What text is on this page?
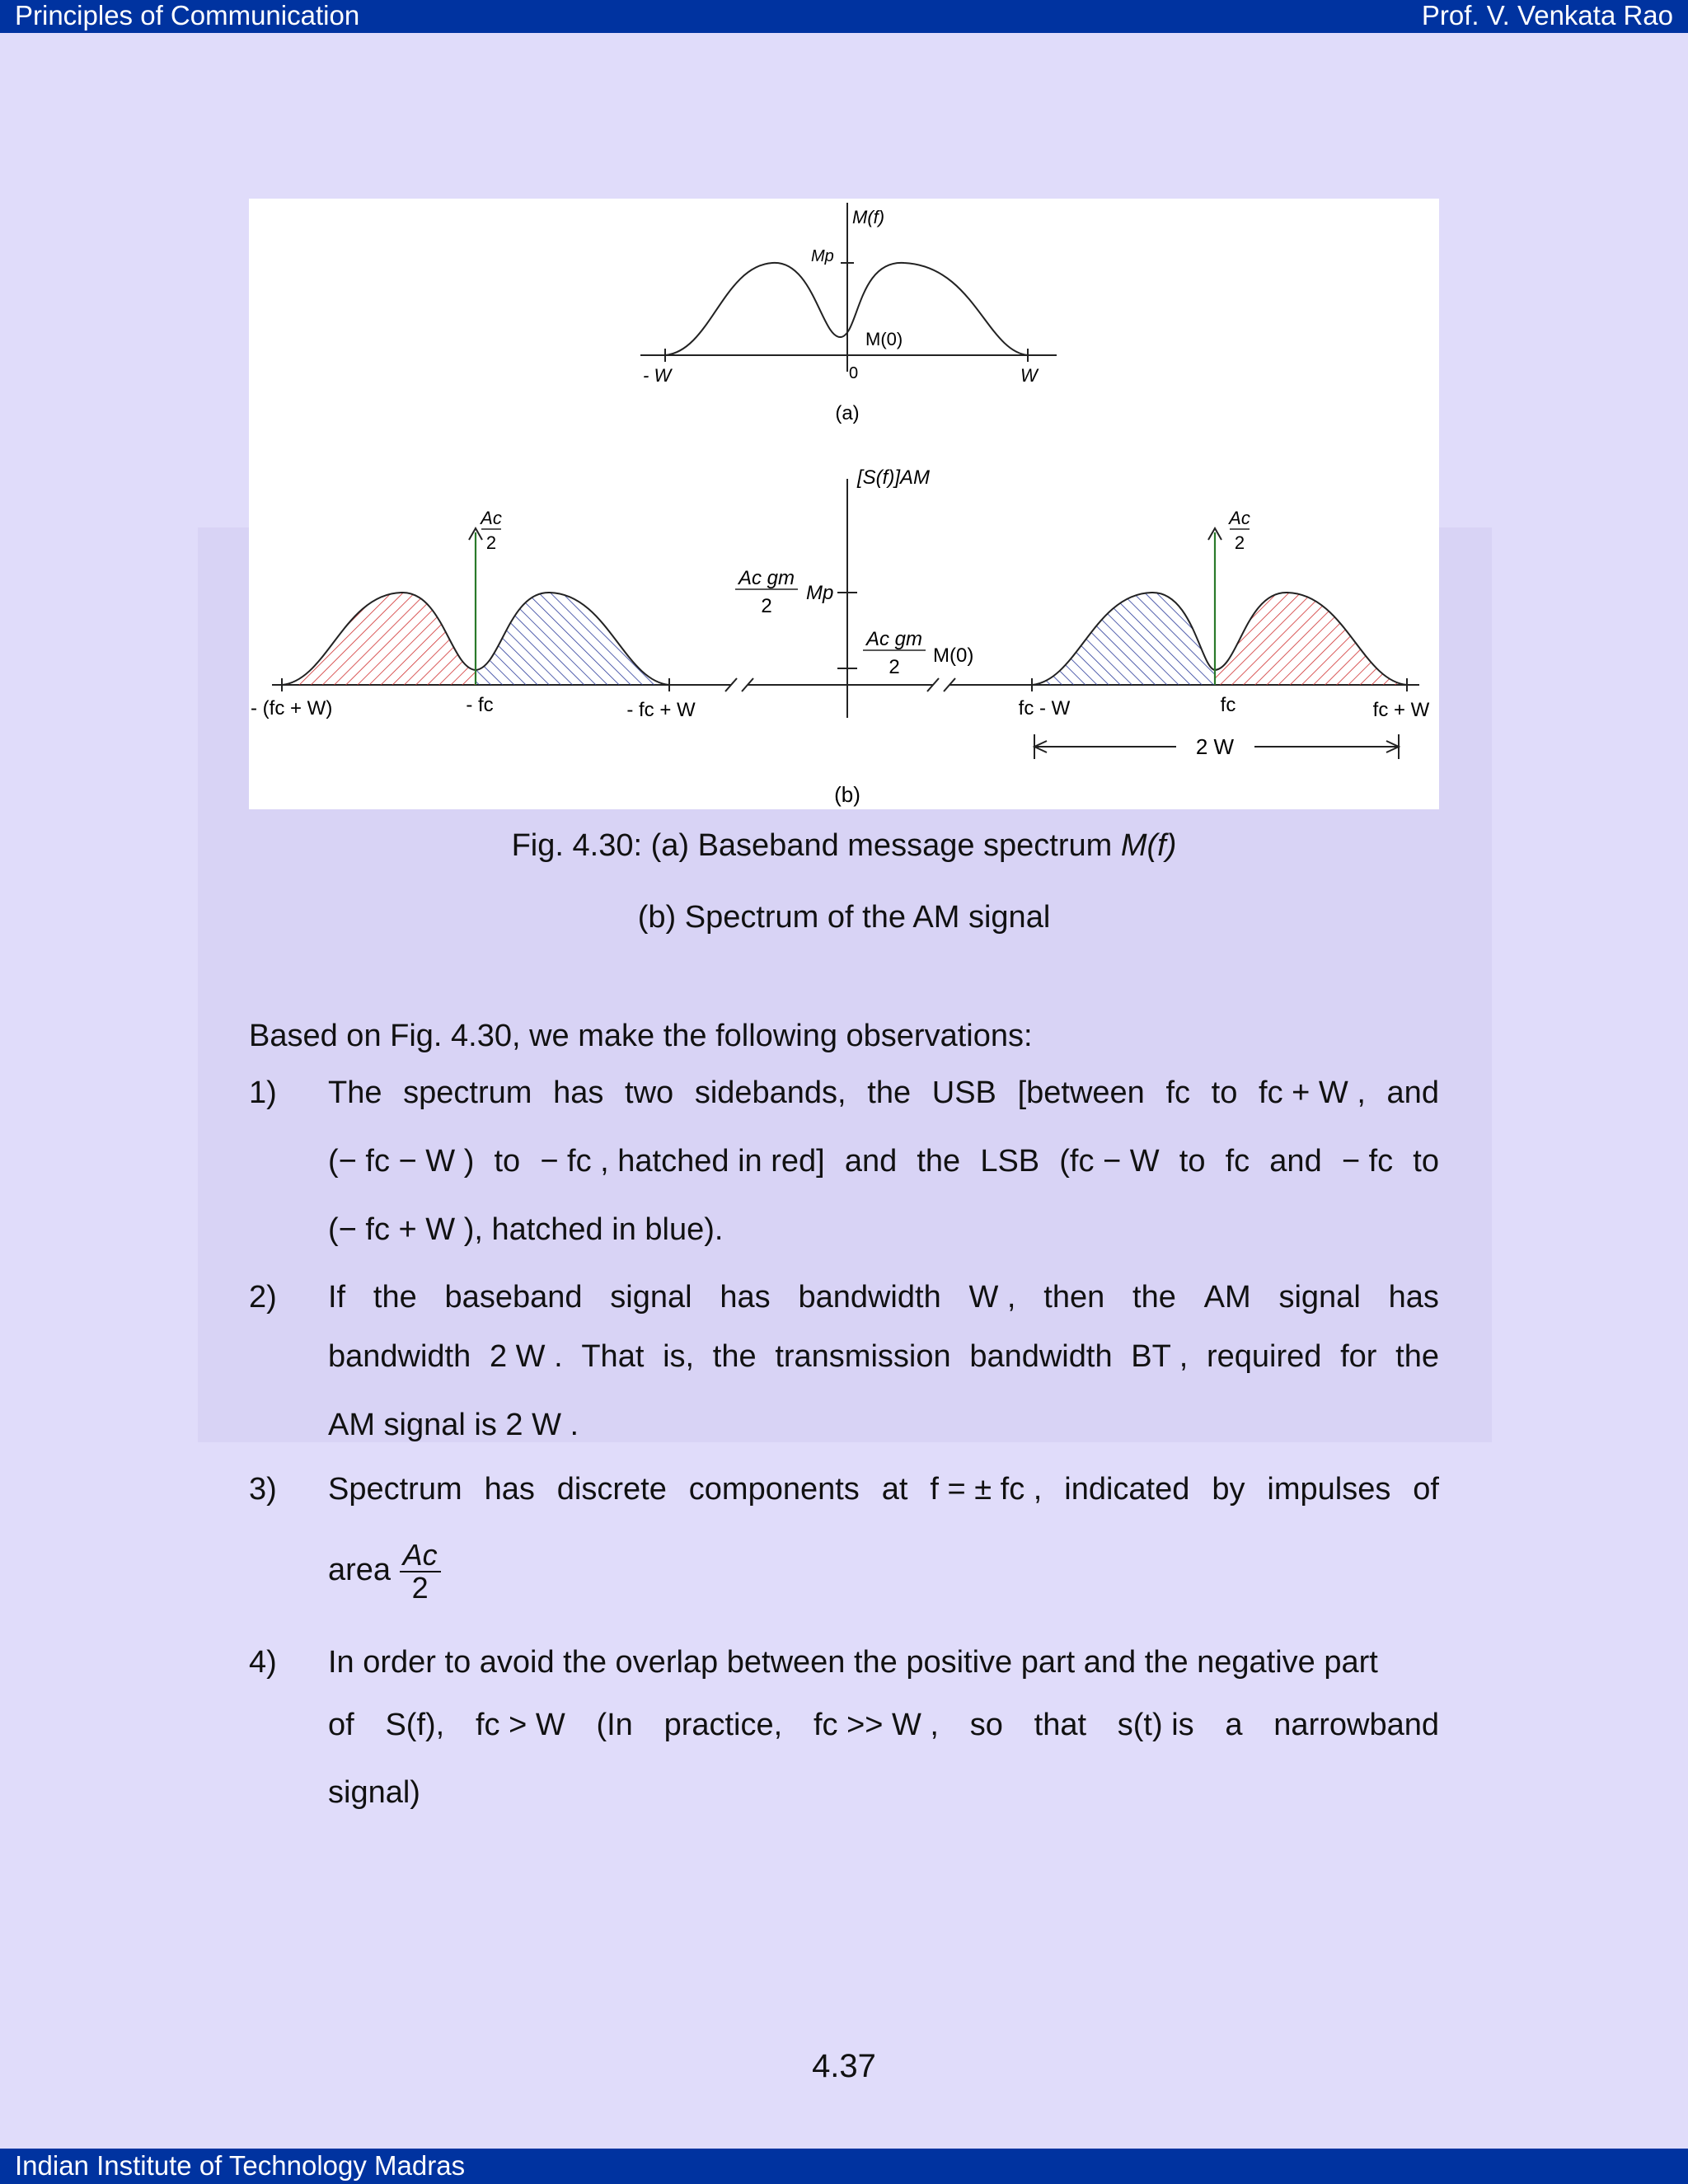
Principles of Communication	Prof. V. Venkata Rao
M(f)
Mp
M(0)
0
- W	W
(a)
[S(f)]AM
Ac
2
Ac
2
Ac gm
2
Mp
Ac gm
2
M(0)
- (fc + W)	- fc	- fc + W	fc - W	fc	fc + W
2 W
(b)
Fig. 4.30: (a) Baseband message spectrum M(f)
(b) Spectrum of the AM signal
Based on Fig. 4.30, we make the following observations:
1) The spectrum has two sidebands, the USB [between fc to fc + W , and
(− fc − W ) to − fc , hatched in red] and the LSB (fc − W to fc and − fc to
(− fc + W ), hatched in blue).
2) If the baseband signal has bandwidth W , then the AM signal has
bandwidth 2 W . That is, the transmission bandwidth BT , required for the
AM signal is 2 W .
3) Spectrum has discrete components at f = ± fc , indicated by impulses of
area $\frac{Ac}{2}$
4) In order to avoid the overlap between the positive part and the negative part
of S(f), fc > W (In practice, fc >> W , so that s(t) is a narrowband
signal)
4.37
Indian Institute of Technology Madras
